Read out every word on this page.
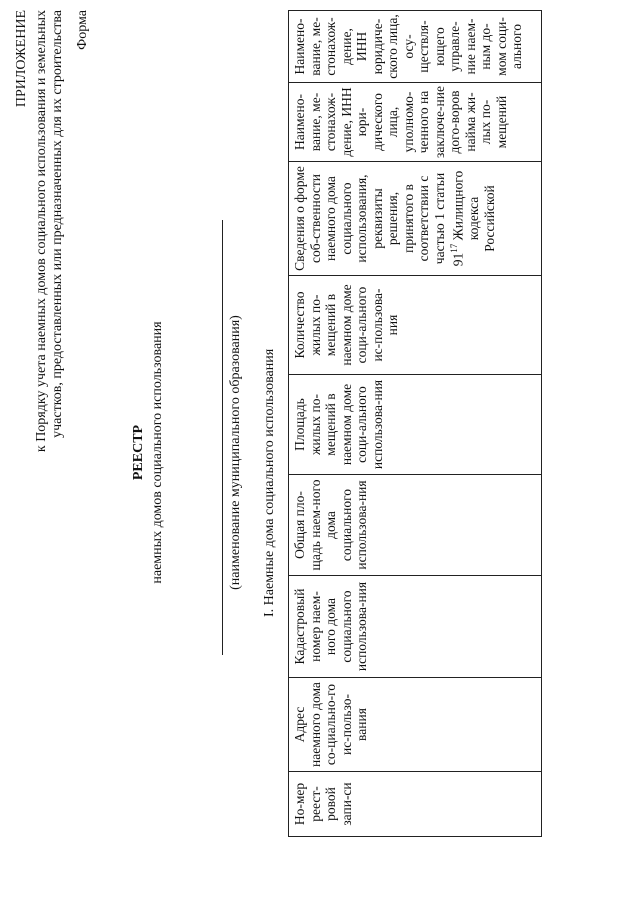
ПРИЛОЖЕНИЕ к Порядку учета наемных домов социального использования и земельных участков, предоставленных или предназначенных для их строительства Форма
РЕЕСТР наемных домов социального использования	(наименование муниципального образования) I. Наемные дома социального использования
Но-мер реест-ровой запи-си	Адрес наемного дома со-циально-го ис-пользо-вания	Кадастровый номер наем-ного дома социального использова-ния	Общая пло-щадь наем-ного дома социального использова-ния	Площадь жилых по-мещений в наемном доме соци-ального использова-ния	Количество жилых по-мещений в наемном доме соци-ального ис-пользова-ния	Сведения о форме соб-ственности наемного дома социального использования, реквизиты решения, принятого в соответствии с частью 1 статьи $91^{17}$ Жилищного кодекса Российской	Наимено-вание, ме-стонахож-дение, ИНН юри-дического лица, уполномо-ченного на заключе-ние дого-воров найма жи-лых по-мещений	Наимено-вание, ме-стонахож-дение, ИНН юридиче-ского лица, осу-ществля-ющего управле-ние наем-ным до-мом соци-ального
